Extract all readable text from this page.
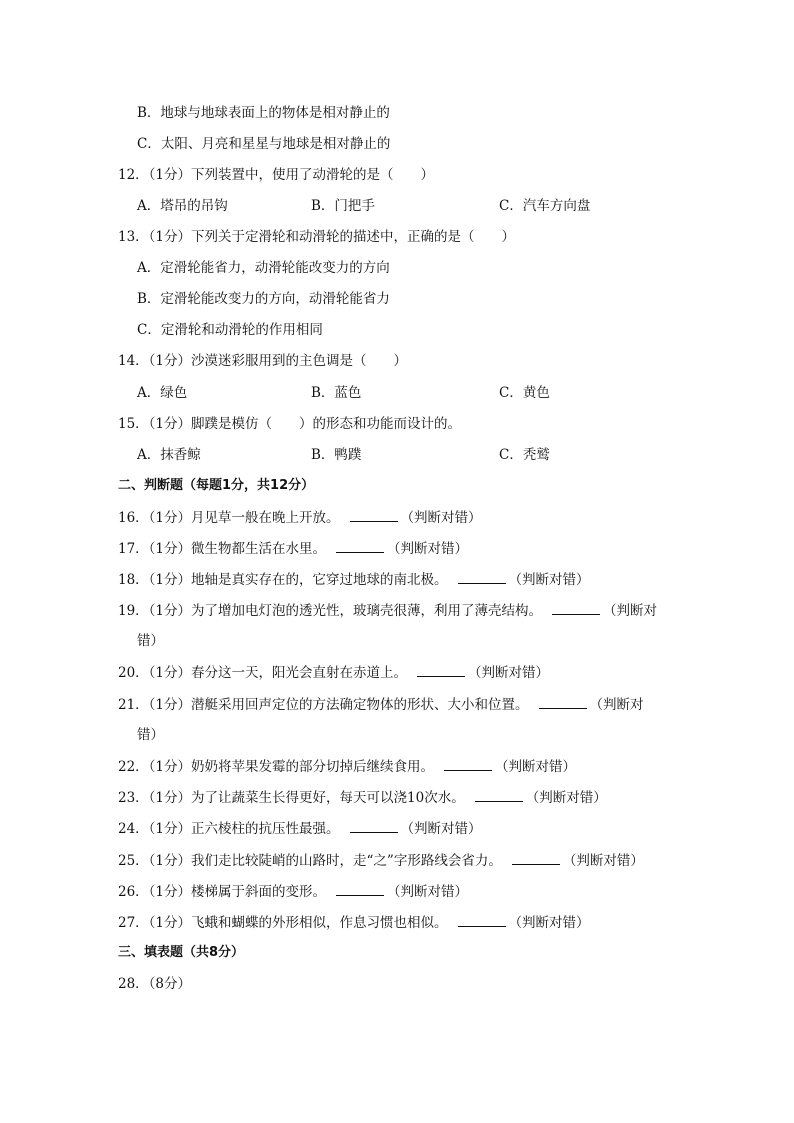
B．地球与地球表面上的物体是相对静止的
C．太阳、月亮和星星与地球是相对静止的
12．（1分）下列装置中，使用了动滑轮的是（　　）
A．塔吊的吊钩	B．门把手	C．汽车方向盘
13．（1分）下列关于定滑轮和动滑轮的描述中，正确的是（　　）
A．定滑轮能省力，动滑轮能改变力的方向
B．定滑轮能改变力的方向，动滑轮能省力
C．定滑轮和动滑轮的作用相同
14．（1分）沙漠迷彩服用到的主色调是（　　）
A．绿色	B．蓝色	C．黄色
15．（1分）脚蹼是模仿（　　）的形态和功能而设计的。
A．抹香鲸	B．鸭蹼	C．秃鹫
二、判断题（每题1分，共12分）
16．（1分）月见草一般在晚上开放。	（判断对错）
17．（1分）微生物都生活在水里。	（判断对错）
18．（1分）地轴是真实存在的，它穿过地球的南北极。	（判断对错）
19．（1分）为了增加电灯泡的透光性，玻璃壳很薄，利用了薄壳结构。	（判断对
错）
20．（1分）春分这一天，阳光会直射在赤道上。	（判断对错）
21．（1分）潜艇采用回声定位的方法确定物体的形状、大小和位置。	（判断对
错）
22．（1分）奶奶将苹果发霉的部分切掉后继续食用。	（判断对错）
23．（1分）为了让蔬菜生长得更好，每天可以浇10次水。	（判断对错）
24．（1分）正六棱柱的抗压性最强。	（判断对错）
25．（1分）我们走比较陡峭的山路时，走“之”字形路线会省力。	（判断对错）
26．（1分）楼梯属于斜面的变形。	（判断对错）
27．（1分）飞蛾和蝴蝶的外形相似，作息习惯也相似。	（判断对错）
三、填表题（共8分）
28．（8分）
